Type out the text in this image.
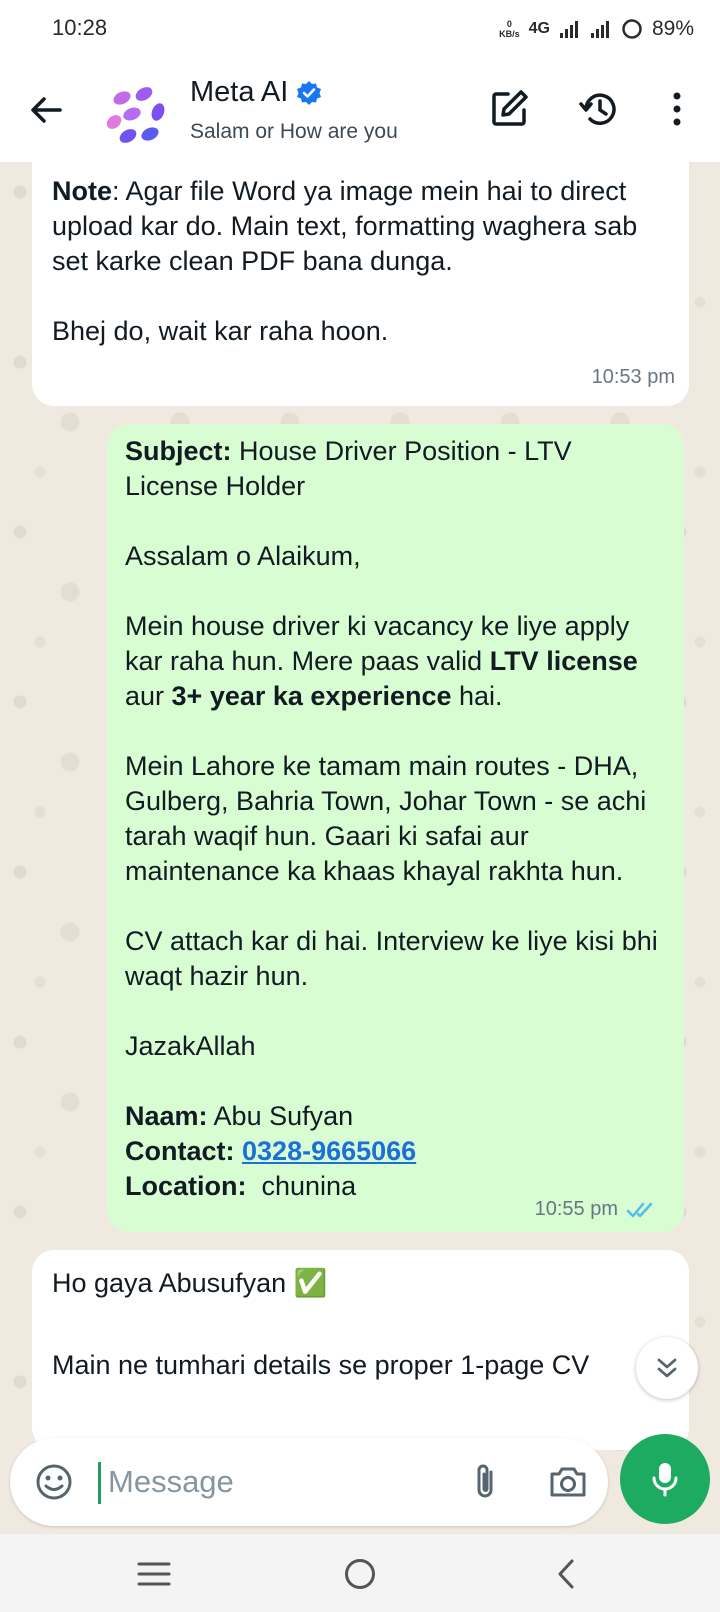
10:28	0
KB/s 4G	89%
Meta AI
Salam or How are you
Note: Agar file Word ya image mein hai to direct upload kar do. Main text, formatting waghera sab set karke clean PDF bana dunga.
Bhej do, wait kar raha hoon.
10:53 pm
Subject: House Driver Position - LTV License Holder
Assalam o Alaikum,
Mein house driver ki vacancy ke liye apply kar raha hun. Mere paas valid LTV license aur 3+ year ka experience hai.
Mein Lahore ke tamam main routes - DHA, Gulberg, Bahria Town, Johar Town - se achi tarah waqif hun. Gaari ki safai aur maintenance ka khaas khayal rakhta hun.
CV attach kar di hai. Interview ke liye kisi bhi waqt hazir hun.
JazakAllah
Naam: Abu Sufyan
Contact: 0328-9665066
Location:  chunina
10:55 pm
Ho gaya Abusufyan ✅
Main ne tumhari details se proper 1-page CV
Message
